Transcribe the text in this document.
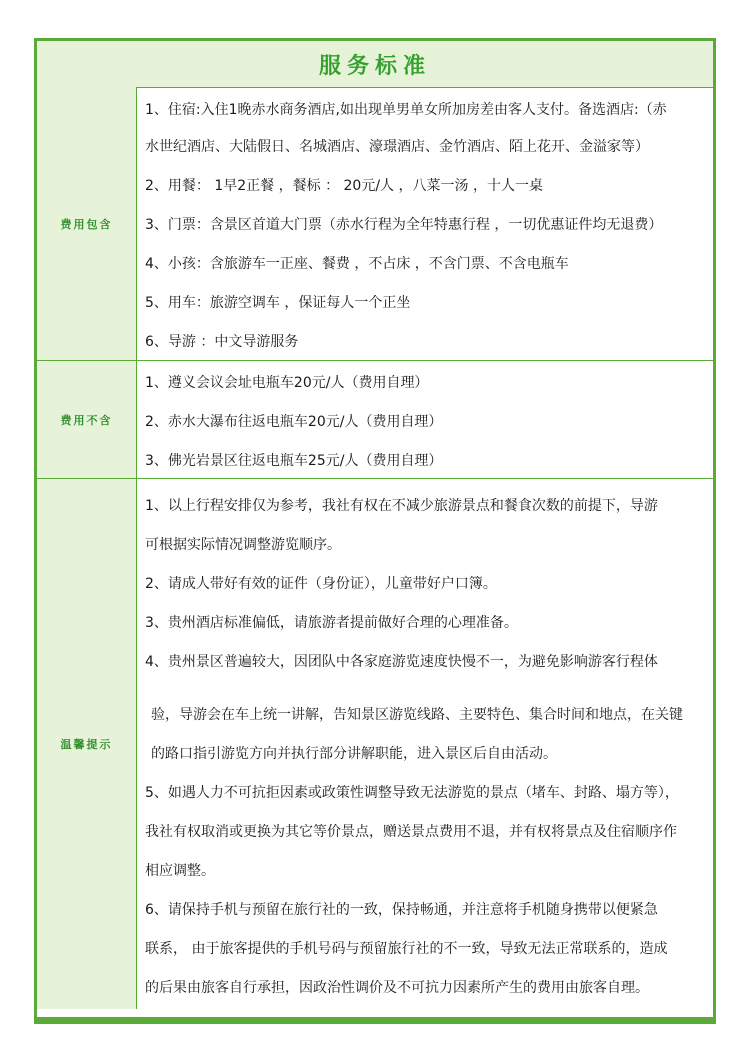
服务标准
费用包含
1、住宿:入住1晚赤水商务酒店,如出现单男单女所加房差由客人支付。备选酒店:（赤
水世纪酒店、大陆假日、名城酒店、濠璟酒店、金竹酒店、陌上花开、金溢家等）
2、用餐： 1早2正餐 ，餐标 ： 20元/人 ，八菜一汤 ，十人一桌
3、门票：含景区首道大门票（赤水行程为全年特惠行程 ，一切优惠证件均无退费）
4、小孩：含旅游车一正座、餐费 ，不占床 ，不含门票、不含电瓶车
5、用车：旅游空调车 ，保证每人一个正坐
6、导游 ：中文导游服务
费用不含
1、遵义会议会址电瓶车20元/人（费用自理）
2、赤水大瀑布往返电瓶车20元/人（费用自理）
3、佛光岩景区往返电瓶车25元/人（费用自理）
温馨提示
1、以上行程安排仅为参考，我社有权在不减少旅游景点和餐食次数的前提下，导游
可根据实际情况调整游览顺序。
2、请成人带好有效的证件（身份证），儿童带好户口簿。
3、贵州酒店标准偏低，请旅游者提前做好合理的心理准备。
4、贵州景区普遍较大，因团队中各家庭游览速度快慢不一，为避免影响游客行程体
验，导游会在车上统一讲解，告知景区游览线路、主要特色、集合时间和地点，在关键
的路口指引游览方向并执行部分讲解职能，进入景区后自由活动。
5、如遇人力不可抗拒因素或政策性调整导致无法游览的景点（堵车、封路、塌方等），
我社有权取消或更换为其它等价景点，赠送景点费用不退，并有权将景点及住宿顺序作
相应调整。
6、请保持手机与预留在旅行社的一致，保持畅通，并注意将手机随身携带以便紧急
联系， 由于旅客提供的手机号码与预留旅行社的不一致，导致无法正常联系的，造成
的后果由旅客自行承担，因政治性调价及不可抗力因素所产生的费用由旅客自理。
